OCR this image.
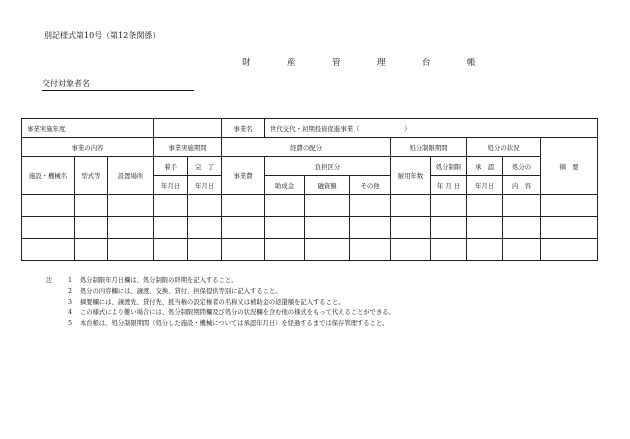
別記様式第10号（第12条関係）
財　産　管　理　台　帳
交付対象者名
事業実施年度					事業名	世代交代・初期投資促進事業（　　　　　　　）							
事業の内容			事業実施期間		経費の配分				処分制限期間		処分の状況		摘　要
施設・機械名	型式等	設置場所	着手	完　了	事業費	負担区分			耐用年数	処分制限	承　認	処分の	
			年月日	年月日		助成金	融資額	その他		年 月 日	年月日	内　容	

注	1	処分制限年月日欄は、処分制限の終期を記入すること。
2	処分の内容欄には、譲渡、交換、貸付、担保提供等別に記入すること。
3	摘要欄には、譲渡先、貸付先、抵当権の設定権者の名称又は補助金の返還額を記入すること。
4	この様式により難い場合には、処分制限期間欄及び処分の状況欄を含む他の様式をもって代えることができる。
5	本台帳は、処分制限期間（処分した施設・機械については承認年月日）を経過するまでは保存管理すること。
